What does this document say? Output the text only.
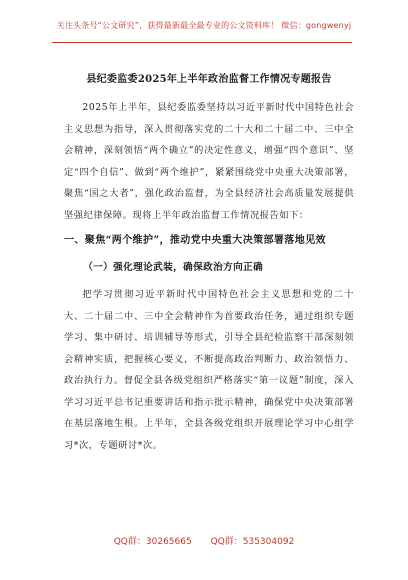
关注头条号“公文研究”，获得最新最全最专业的公文资料库！ 微信：gongwenyj
县纪委监委2025年上半年政治监督工作情况专题报告

2025年上半年，县纪委监委坚持以习近平新时代中国特色社会主义思想为指导，深入贯彻落实党的二十大和二十届二中、三中全会精神，深刻领悟“两个确立”的决定性意义，增强“四个意识”、坚定“四个自信”、做到“两个维护”，紧紧围绕党中央重大决策部署，聚焦“国之大者”，强化政治监督，为全县经济社会高质量发展提供坚强纪律保障。现将上半年政治监督工作情况报告如下：

一、聚焦“两个维护”，推动党中央重大决策部署落地见效
（一）强化理论武装，确保政治方向正确

把学习贯彻习近平新时代中国特色社会主义思想和党的二十大、二十届二中、三中全会精神作为首要政治任务，通过组织专题学习、集中研讨、培训辅导等形式，引导全县纪检监察干部深刻领会精神实质，把握核心要义，不断提高政治判断力、政治领悟力、政治执行力。督促全县各级党组织严格落实“第一议题”制度，深入学习习近平总书记重要讲话和指示批示精神，确保党中央决策部署在基层落地生根。上半年，全县各级党组织开展理论学习中心组学习*次，专题研讨*次。

QQ群：30265665 QQ群：535304092
